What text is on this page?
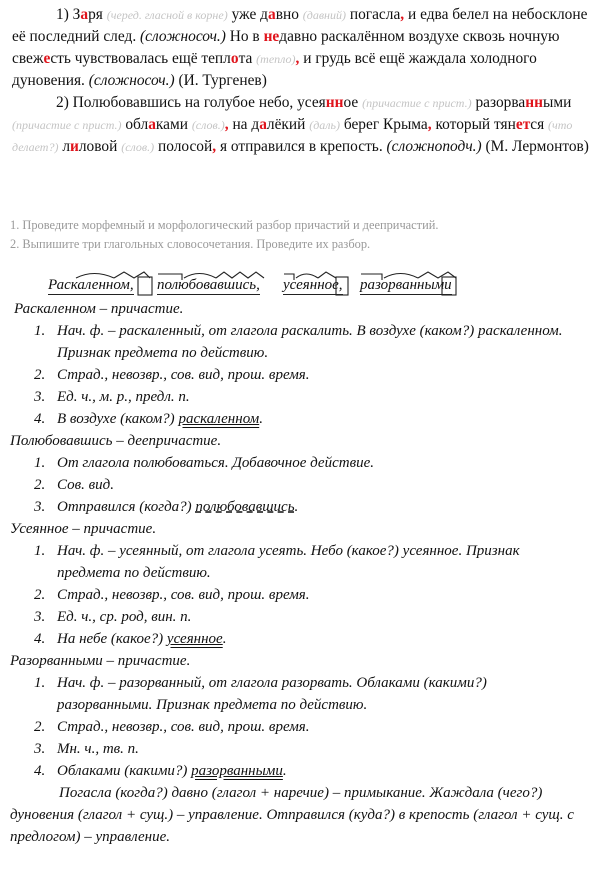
1) Заря (черед. гласной в корне) уже давно (давний) погасла, и едва белел на небосклоне её последний след. (сложносоч.) Но в недавно раскалённом воздухе сквозь ночную свежесть чувствовалась ещё теплота (тепло), и грудь всё ещё жаждала холодного дуновения. (сложносоч.) (И. Тургенев)
2) Полюбовавшись на голубое небо, усеянное (причастие с прист.) разорванными (причастие с прист.) облаками (слов.), на далёкий (даль) берег Крыма, который тянется (что делает?) лиловой (слов.) полосой, я отправился в крепость. (сложноподч.) (М. Лермонтов)
1. Проведите морфемный и морфологический разбор причастий и деепричастий.
2. Выпишите три глагольных словосочетания. Проведите их разбор.
Раскаленном, полюбовавшись, усеянное, разорванными
Раскаленном – причастие.
1. Нач. ф. – раскаленный, от глагола раскалить. В воздухе (каком?) раскаленном. Признак предмета по действию.
2. Страд., невозвр., сов. вид, прош. время.
3. Ед. ч., м. р., предл. п.
4. В воздухе (каком?) раскаленном.
Полюбовавшись – деепричастие.
1. От глагола полюбоваться. Добавочное действие.
2. Сов. вид.
3. Отправился (когда?) полюбовавшись.
Усеянное – причастие.
1. Нач. ф. – усеянный, от глагола усеять. Небо (какое?) усеянное. Признак предмета по действию.
2. Страд., невозвр., сов. вид, прош. время.
3. Ед. ч., ср. род, вин. п.
4. На небе (какое?) усеянное.
Разорванными – причастие.
1. Нач. ф. – разорванный, от глагола разорвать. Облаками (какими?) разорванными. Признак предмета по действию.
2. Страд., невозвр., сов. вид, прош. время.
3. Мн. ч., тв. п.
4. Облаками (какими?) разорванными.
Погасла (когда?) давно (глагол + наречие) – примыкание. Жаждала (чего?) дуновения (глагол + сущ.) – управление. Отправился (куда?) в крепость (глагол + сущ. с предлогом) – управление.
